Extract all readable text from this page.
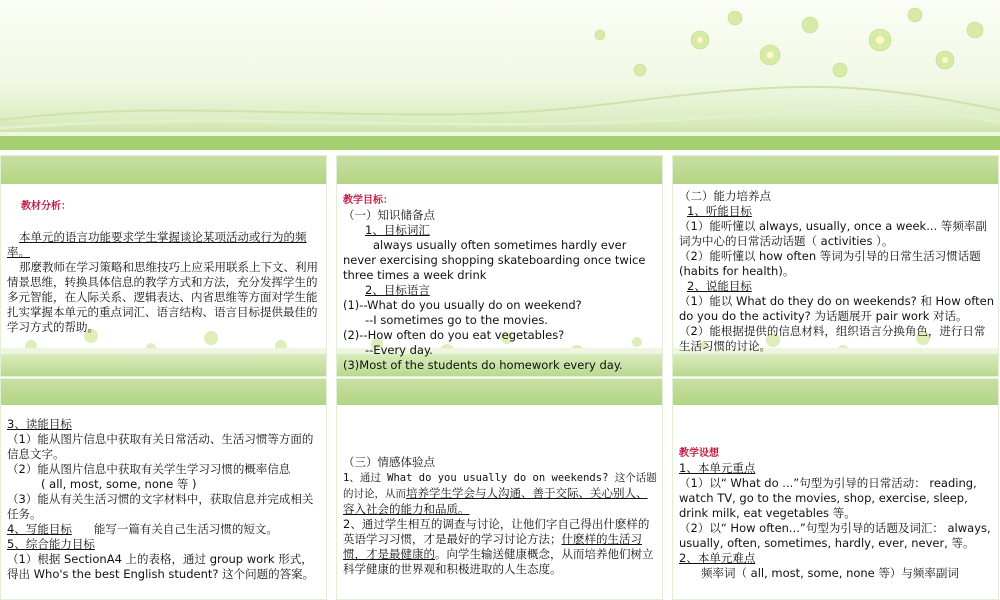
教材分析：

本单元的语言功能要求学生掌握谈论某项活动或行为的频率。

那麼教师在学习策略和思维技巧上应采用联系上下文、利用情景思维，转换具体信息的教学方式和方法，充分发挥学生的多元智能，在人际关系、逻辑表达、内省思维等方面对学生能扎实掌握本单元的重点词汇、语言结构、语言目标提供最佳的学习方式的帮助。

教学目标：

（一）知识储备点

1、目标词汇

always usually often sometimes hardly ever never exercising shopping skateboarding once twice three times a week drink

2、目标语言

(1)--What do you usually do on weekend?

--I sometimes go to the movies.

(2)--How often do you eat vegetables?

--Every day.

(3)Most of the students do homework every day.

（二）能力培养点

1、听能目标

（1）能听懂以 always, usually, once a week... 等频率副词为中心的日常活动话题（ activities ）。

（2）能听懂以 how often 等词为引导的日常生活习惯话题 (habits for health)。

2、说能目标

（1）能以 What do they do on weekends? 和 How often do you do the activity? 为话题展开 pair work 对话。

（2）能根据提供的信息材料，组织语言分换角色，进行日常生活习惯的讨论。

3、读能目标

（1）能从图片信息中获取有关日常活动、生活习惯等方面的信息文字。

（2）能从图片信息中获取有关学生学习习惯的概率信息

( all, most, some, none 等 )

（3）能从有关生活习惯的文字材料中，获取信息并完成相关任务。

4、写能目标 能写一篇有关自己生活习惯的短文。

5、综合能力目标

（1）根据 SectionA4 上的表格，通过 group work 形式，得出 Who's the best English student? 这个问题的答案。

（三）情感体验点

1、通过 What do you usually do on weekends? 这个话题的讨论，从而培养学生学会与人沟通、善于交际、关心别人、容入社会的能力和品质。

2、通过学生相互的调查与讨论，让他们字自己得出什麽样的英语学习习惯，才是最好的学习讨论方法；什麽样的生活习惯，才是最健康的。向学生输送健康概念，从而培养他们树立科学健康的世界观和积极进取的人生态度。

教学设想

1、本单元重点

（1）以“ What do ...”句型为引导的日常活动： reading, watch TV, go to the movies, shop, exercise, sleep, drink milk, eat vegetables 等。

（2）以“ How often...”句型为引导的话题及词汇： always, usually, often, sometimes, hardly, ever, never, 等。

2、本单元难点

频率词（ all, most, some, none 等）与频率副词
